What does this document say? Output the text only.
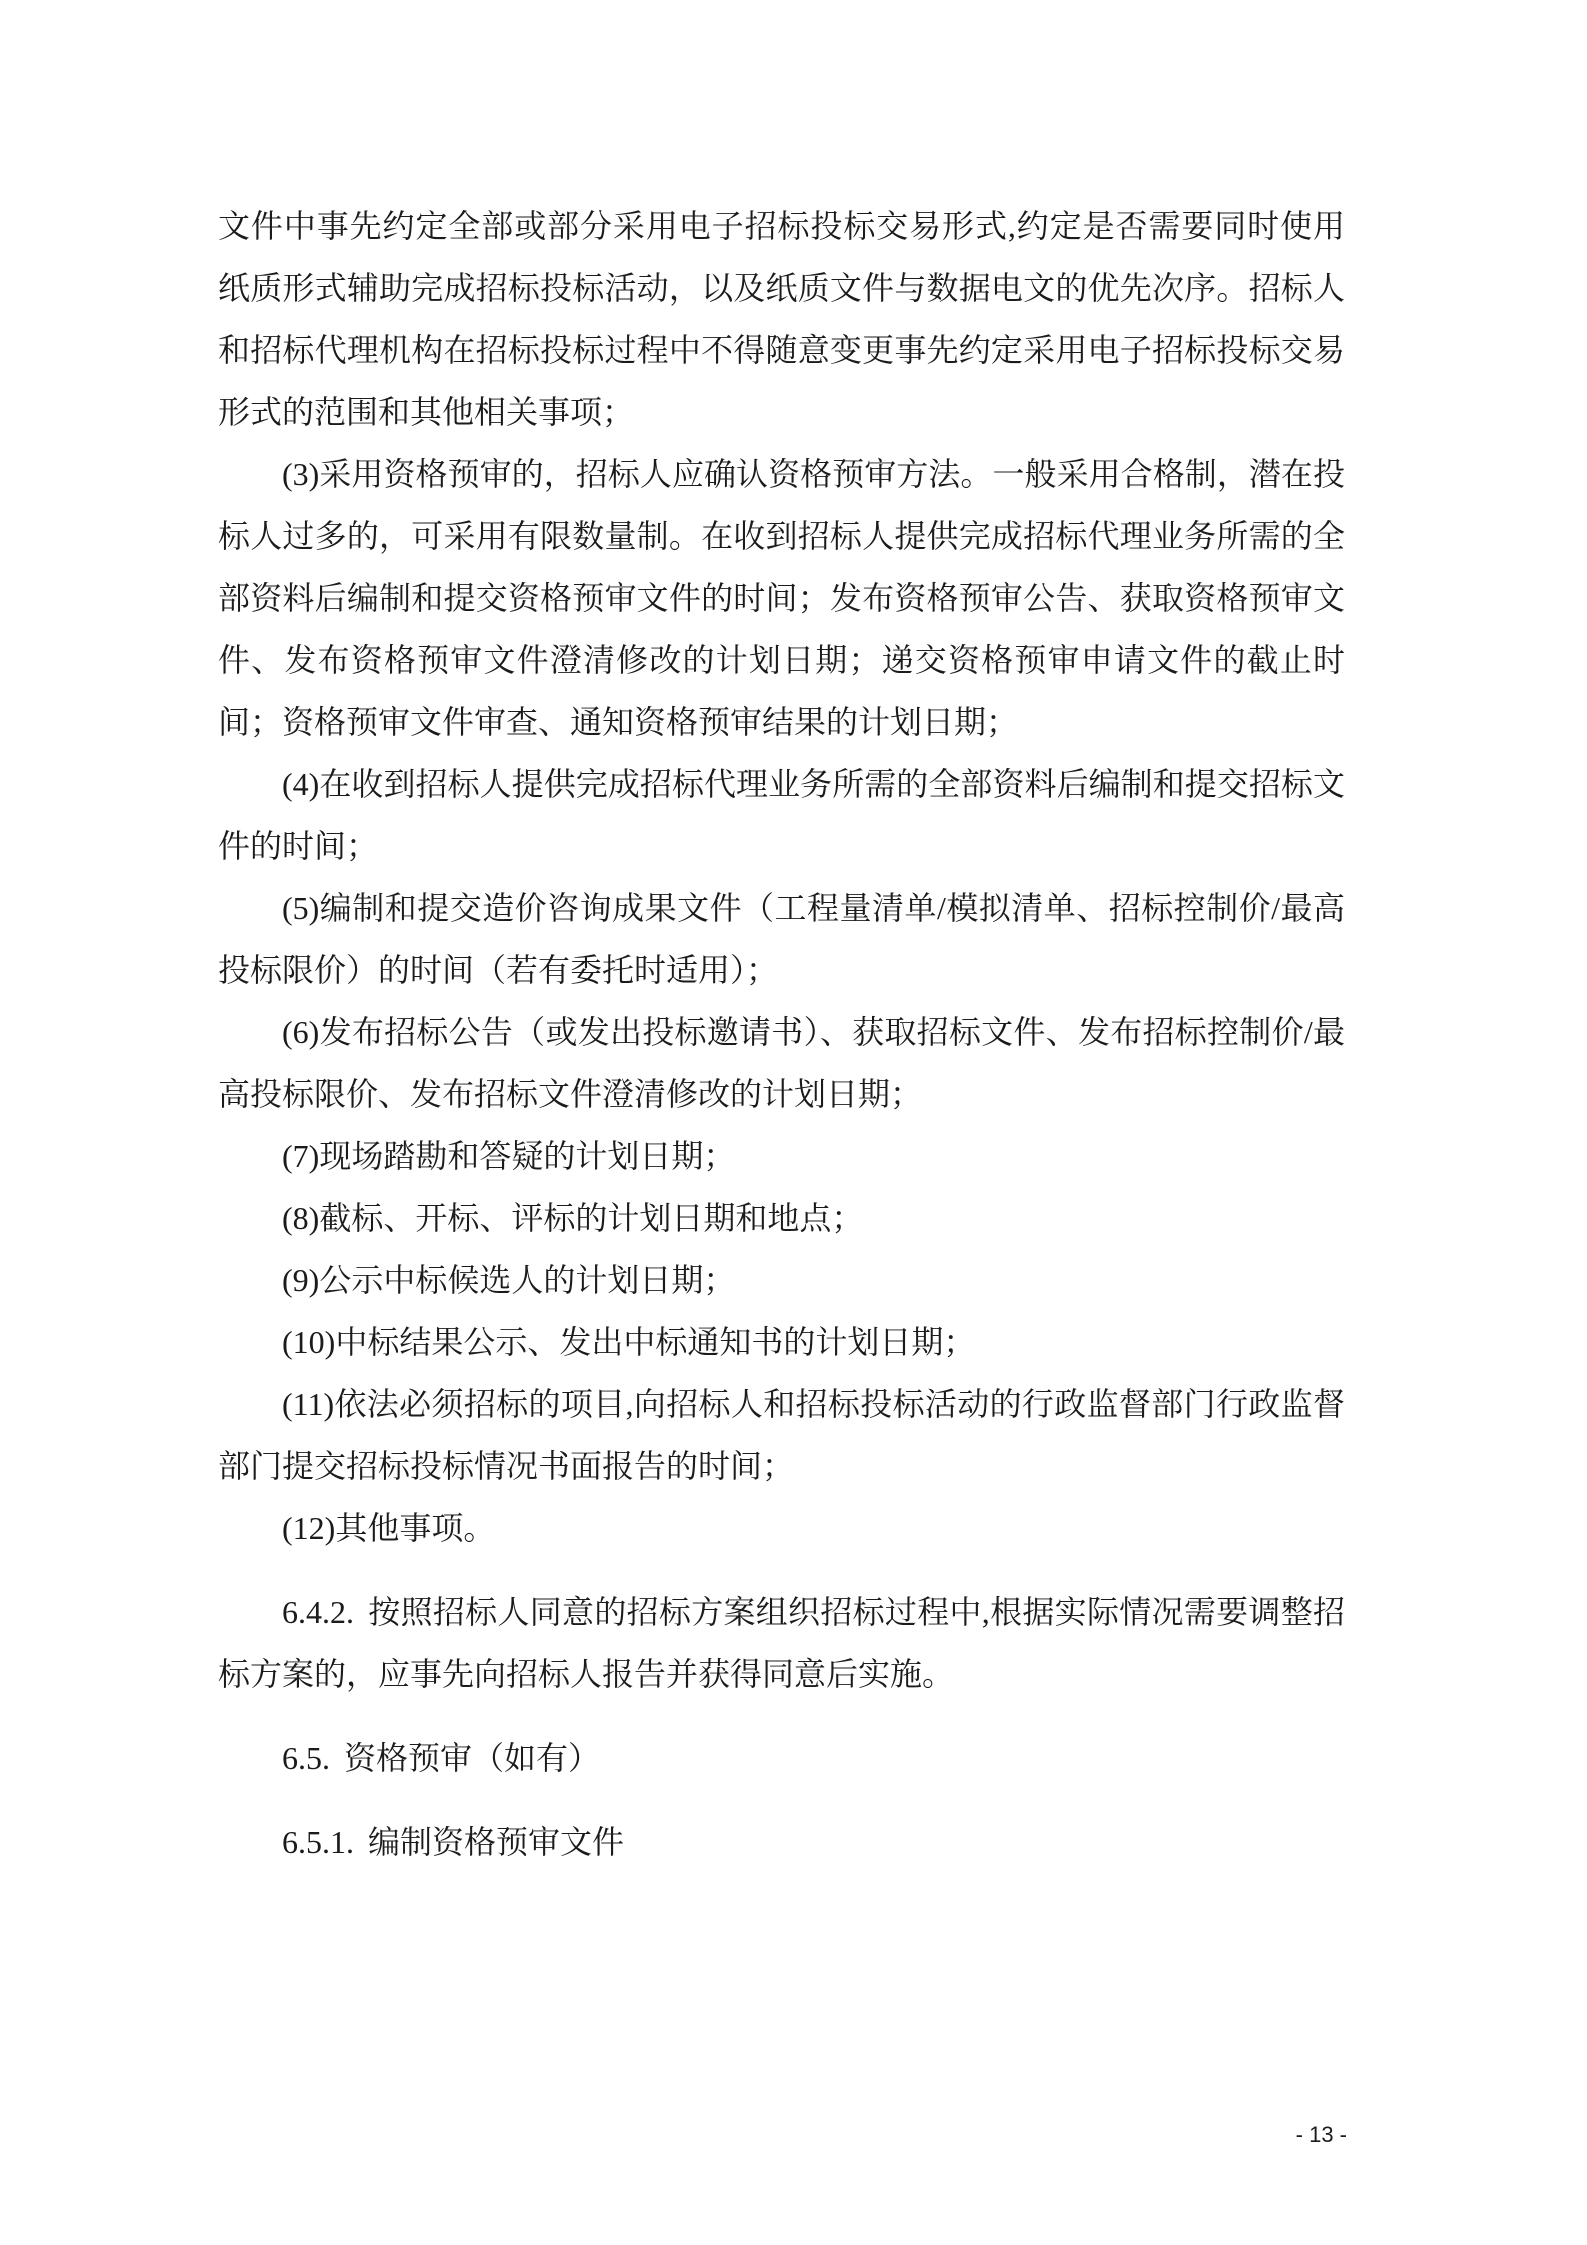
文件中事先约定全部或部分采用电子招标投标交易形式,约定是否需要同时使用纸质形式辅助完成招标投标活动，以及纸质文件与数据电文的优先次序。招标人和招标代理机构在招标投标过程中不得随意变更事先约定采用电子招标投标交易形式的范围和其他相关事项；

(3)采用资格预审的，招标人应确认资格预审方法。一般采用合格制，潜在投标人过多的，可采用有限数量制。在收到招标人提供完成招标代理业务所需的全部资料后编制和提交资格预审文件的时间；发布资格预审公告、获取资格预审文件、发布资格预审文件澄清修改的计划日期；递交资格预审申请文件的截止时间；资格预审文件审查、通知资格预审结果的计划日期；

(4)在收到招标人提供完成招标代理业务所需的全部资料后编制和提交招标文件的时间；

(5)编制和提交造价咨询成果文件（工程量清单/模拟清单、招标控制价/最高投标限价）的时间（若有委托时适用）；

(6)发布招标公告（或发出投标邀请书）、获取招标文件、发布招标控制价/最高投标限价、发布招标文件澄清修改的计划日期；

(7)现场踏勘和答疑的计划日期；

(8)截标、开标、评标的计划日期和地点；

(9)公示中标候选人的计划日期；

(10)中标结果公示、发出中标通知书的计划日期；

(11)依法必须招标的项目,向招标人和招标投标活动的行政监督部门行政监督部门提交招标投标情况书面报告的时间；

(12)其他事项。

6.4.2. 按照招标人同意的招标方案组织招标过程中,根据实际情况需要调整招标方案的，应事先向招标人报告并获得同意后实施。

6.5. 资格预审（如有）

6.5.1. 编制资格预审文件

- 13 -
